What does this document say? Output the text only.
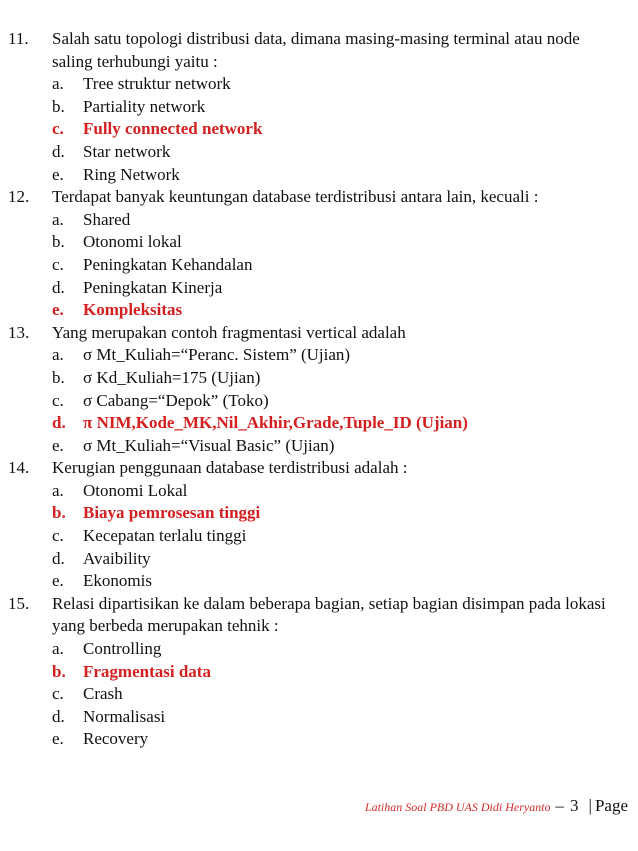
11.	Salah satu topologi distribusi data, dimana masing-masing terminal atau node saling terhubungi yaitu :
a.	Tree struktur network
b.	Partiality network
c.	Fully connected network
d.	Star network
e.	Ring Network
12.	Terdapat banyak keuntungan database terdistribusi antara lain, kecuali :
a.	Shared
b.	Otonomi lokal
c.	Peningkatan Kehandalan
d.	Peningkatan Kinerja
e.	Kompleksitas
13.	Yang merupakan contoh fragmentasi vertical adalah
a.	σ Mt_Kuliah=“Peranc. Sistem” (Ujian)
b.	σ Kd_Kuliah=175 (Ujian)
c.	σ Cabang=“Depok” (Toko)
d.	π NIM,Kode_MK,Nil_Akhir,Grade,Tuple_ID (Ujian)
e.	σ Mt_Kuliah=“Visual Basic” (Ujian)
14.	Kerugian penggunaan database terdistribusi adalah :
a.	Otonomi Lokal
b.	Biaya pemrosesan tinggi
c.	Kecepatan terlalu tinggi
d.	Avaibility
e.	Ekonomis
15.	Relasi dipartisikan ke dalam beberapa bagian, setiap bagian disimpan pada lokasi yang berbeda merupakan tehnik :
a.	Controlling
b.	Fragmentasi data
c.	Crash
d.	Normalisasi
e.	Recovery
Latihan Soal PBD UAS Didi Heryanto – 3 | Page
